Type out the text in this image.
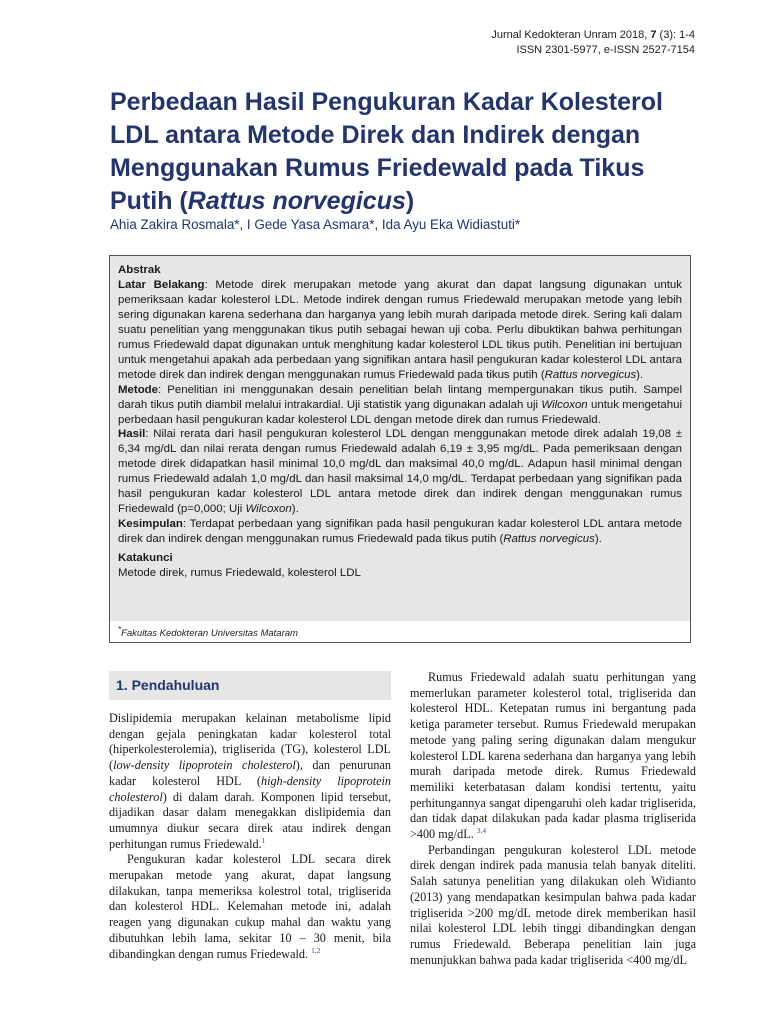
Jurnal Kedokteran Unram 2018, 7 (3): 1-4
ISSN 2301-5977, e-ISSN 2527-7154
Perbedaan Hasil Pengukuran Kadar Kolesterol LDL antara Metode Direk dan Indirek dengan Menggunakan Rumus Friedewald pada Tikus Putih (Rattus norvegicus)
Ahia Zakira Rosmala*, I Gede Yasa Asmara*, Ida Ayu Eka Widiastuti*

Abstrak

Latar Belakang: Metode direk merupakan metode yang akurat dan dapat langsung digunakan untuk pemeriksaan kadar kolesterol LDL. Metode indirek dengan rumus Friedewald merupakan metode yang lebih sering digunakan karena sederhana dan harganya yang lebih murah daripada metode direk. Sering kali dalam suatu penelitian yang menggunakan tikus putih sebagai hewan uji coba. Perlu dibuktikan bahwa perhitungan rumus Friedewald dapat digunakan untuk menghitung kadar kolesterol LDL tikus putih. Penelitian ini bertujuan untuk mengetahui apakah ada perbedaan yang signifikan antara hasil pengukuran kadar kolesterol LDL antara metode direk dan indirek dengan menggunakan rumus Friedewald pada tikus putih (Rattus norvegicus).

Metode: Penelitian ini menggunakan desain penelitian belah lintang mempergunakan tikus putih. Sampel darah tikus putih diambil melalui intrakardial. Uji statistik yang digunakan adalah uji Wilcoxon untuk mengetahui perbedaan hasil pengukuran kadar kolesterol LDL dengan metode direk dan rumus Friedewald.

Hasil: Nilai rerata dari hasil pengukuran kolesterol LDL dengan menggunakan metode direk adalah 19,08 ± 6,34 mg/dL dan nilai rerata dengan rumus Friedewald adalah 6,19 ± 3,95 mg/dL. Pada pemeriksaan dengan metode direk didapatkan hasil minimal 10,0 mg/dL dan maksimal 40,0 mg/dL. Adapun hasil minimal dengan rumus Friedewald adalah 1,0 mg/dL dan hasil maksimal 14,0 mg/dL. Terdapat perbedaan yang signifikan pada hasil pengukuran kadar kolesterol LDL antara metode direk dan indirek dengan menggunakan rumus Friedewald (p=0,000; Uji Wilcoxon).

Kesimpulan: Terdapat perbedaan yang signifikan pada hasil pengukuran kadar kolesterol LDL antara metode direk dan indirek dengan menggunakan rumus Friedewald pada tikus putih (Rattus norvegicus).

Katakunci

Metode direk, rumus Friedewald, kolesterol LDL

*Fakultas Kedokteran Universitas Mataram
1. Pendahuluan

Dislipidemia merupakan kelainan metabolisme lipid dengan gejala peningkatan kadar kolesterol total (hiperkolesterolemia), trigliserida (TG), kolesterol LDL (low-density lipoprotein cholesterol), dan penurunan kadar kolesterol HDL (high-density lipoprotein cholesterol) di dalam darah. Komponen lipid tersebut, dijadikan dasar dalam menegakkan dislipidemia dan umumnya diukur secara direk atau indirek dengan perhitungan rumus Friedewald.$^1$

Pengukuran kadar kolesterol LDL secara direk merupakan metode yang akurat, dapat langsung dilakukan, tanpa memeriksa kolestrol total, trigliserida dan kolesterol HDL. Kelemahan metode ini, adalah reagen yang digunakan cukup mahal dan waktu yang dibutuhkan lebih lama, sekitar 10 – 30 menit, bila dibandingkan dengan rumus Friedewald. $^{1,2}$

Rumus Friedewald adalah suatu perhitungan yang memerlukan parameter kolesterol total, trigliserida dan kolesterol HDL. Ketepatan rumus ini bergantung pada ketiga parameter tersebut. Rumus Friedewald merupakan metode yang paling sering digunakan dalam mengukur kolesterol LDL karena sederhana dan harganya yang lebih murah daripada metode direk. Rumus Friedewald memiliki keterbatasan dalam kondisi tertentu, yaitu perhitungannya sangat dipengaruhi oleh kadar trigliserida, dan tidak dapat dilakukan pada kadar plasma trigliserida >400 mg/dL. $^{3,4}$

Perbandingan pengukuran kolesterol LDL metode direk dengan indirek pada manusia telah banyak diteliti. Salah satunya penelitian yang dilakukan oleh Widianto (2013) yang mendapatkan kesimpulan bahwa pada kadar trigliserida >200 mg/dL metode direk memberikan hasil nilai kolesterol LDL lebih tinggi dibandingkan dengan rumus Friedewald. Beberapa penelitian lain juga menunjukkan bahwa pada kadar trigliserida <400 mg/dL
